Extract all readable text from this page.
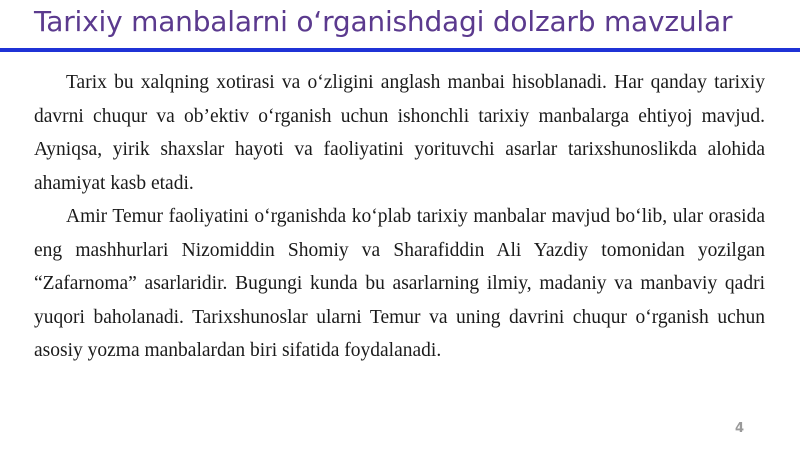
Tarixiy manbalarni o‘rganishdagi dolzarb mavzular

Tarix bu xalqning xotirasi va o‘zligini anglash manbai hisoblanadi. Har qanday tarixiy davrni chuqur va ob’ektiv o‘rganish uchun ishonchli tarixiy manbalarga ehtiyoj mavjud. Ayniqsa, yirik shaxslar hayoti va faoliyatini yorituvchi asarlar tarixshunoslikda alohida ahamiyat kasb etadi.

Amir Temur faoliyatini o‘rganishda ko‘plab tarixiy manbalar mavjud bo‘lib, ular orasida eng mashhurlari Nizomiddin Shomiy va Sharafiddin Ali Yazdiy tomonidan yozilgan “Zafarnoma” asarlaridir. Bugungi kunda bu asarlarning ilmiy, madaniy va manbaviy qadri yuqori baholanadi. Tarixshunoslar ularni Temur va uning davrini chuqur o‘rganish uchun asosiy yozma manbalardan biri sifatida foydalanadi.

4
